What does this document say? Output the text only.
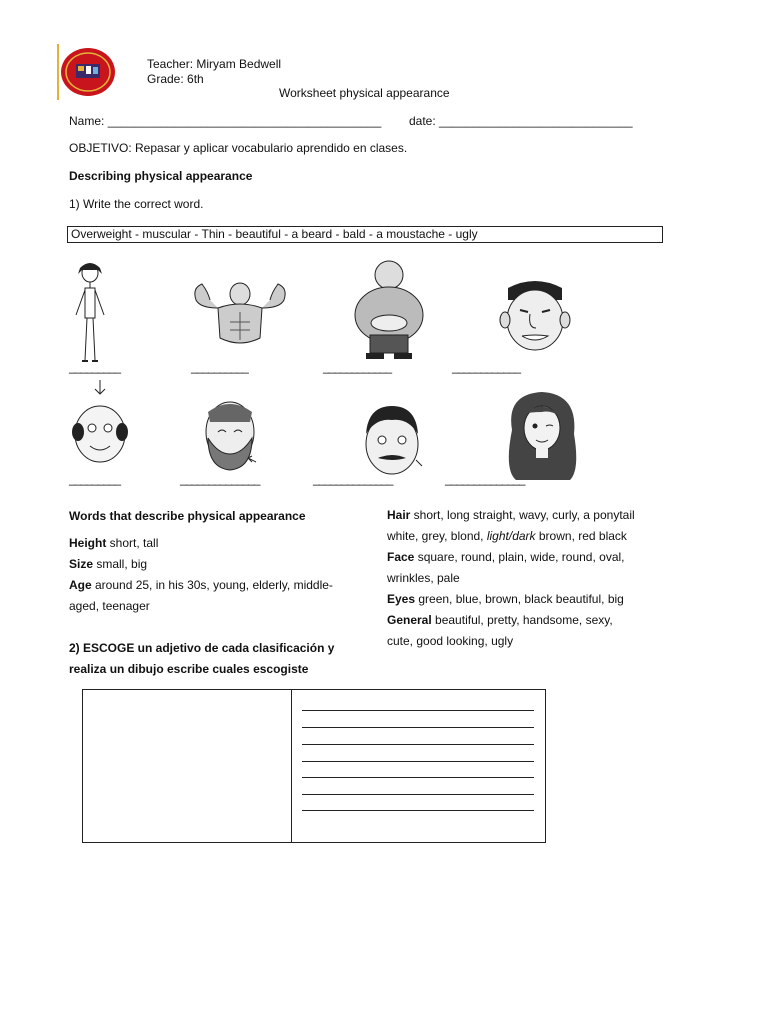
Teacher: Miryam Bedwell
Grade: 6th
Worksheet physical appearance
Name: _________________________________________ date: _____________________________
OBJETIVO: Repasar y aplicar vocabulario aprendido en clases.
Describing physical appearance
1) Write the correct word.
Overweight - muscular - Thin - beautiful - a beard - bald - a moustache - ugly
_________	__________	____________	____________
_________	______________	______________	______________
Words that describe physical appearance
Height short, tall
Size small, big
Age around 25, in his 30s, young, elderly, middle-
aged, teenager
Hair short, long straight, wavy, curly, a ponytail
white, grey, blond, light/dark brown, red black
Face square, round, plain, wide, round, oval,
wrinkles, pale
Eyes green, blue, brown, black beautiful, big
General beautiful, pretty, handsome, sexy,
cute, good looking, ugly
2) ESCOGE un adjetivo de cada clasificación y
realiza un dibujo escribe cuales escogiste
